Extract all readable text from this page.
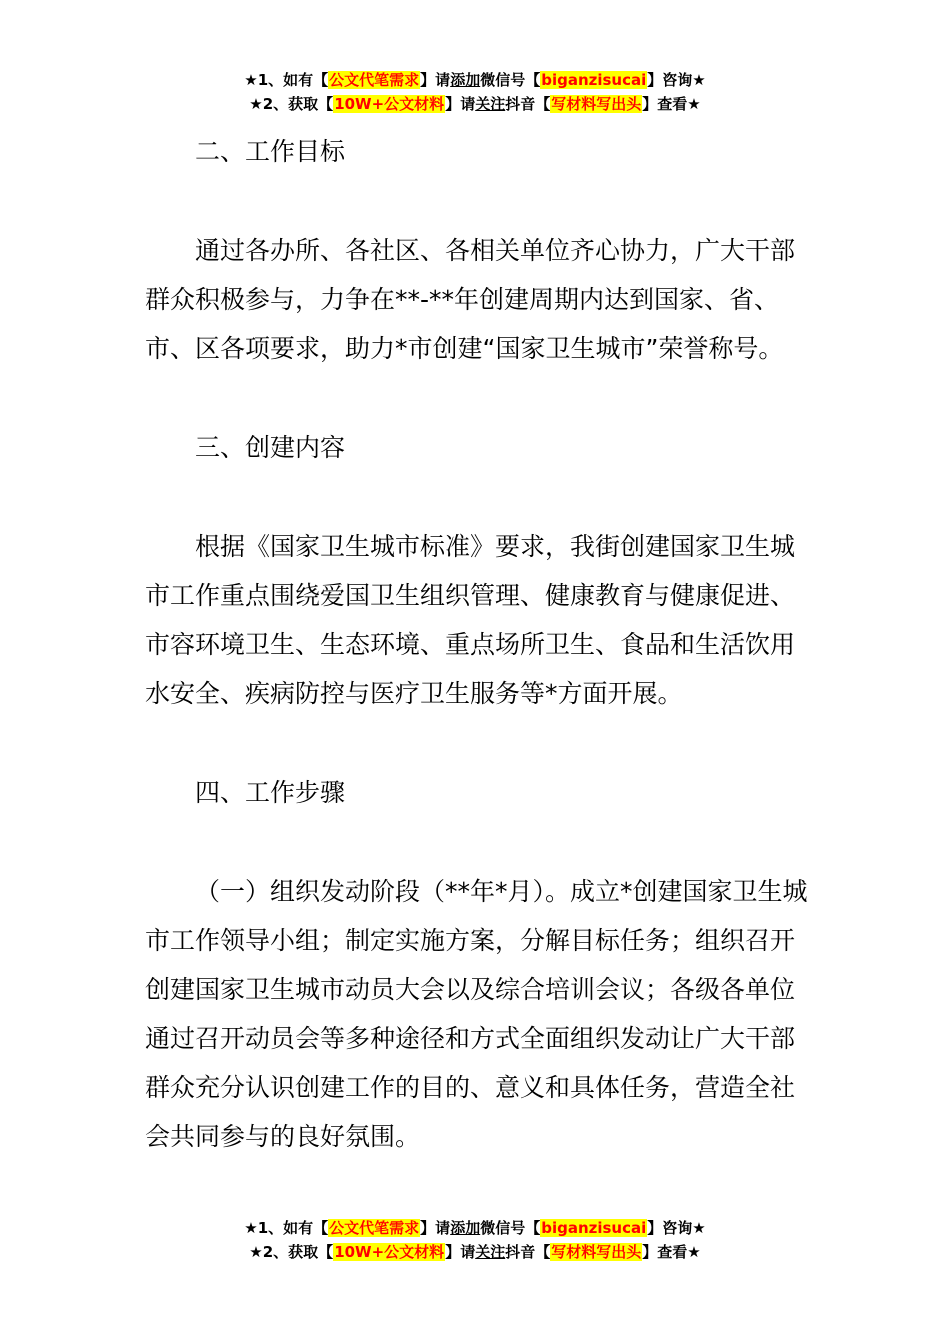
★1、如有【公文代笔需求】请添加微信号【biganzisucai】咨询★
★2、获取【10W+公文材料】请关注抖音【写材料写出头】查看★

二、工作目标

通过各办所、各社区、各相关单位齐心协力，广大干部群众积极参与，力争在**-**年创建周期内达到国家、省、市、区各项要求，助力*市创建“国家卫生城市”荣誉称号。

三、创建内容

根据《国家卫生城市标准》要求，我街创建国家卫生城市工作重点围绕爱国卫生组织管理、健康教育与健康促进、市容环境卫生、生态环境、重点场所卫生、食品和生活饮用水安全、疾病防控与医疗卫生服务等*方面开展。

四、工作步骤

（一）组织发动阶段（**年*月）。成立*创建国家卫生城市工作领导小组；制定实施方案，分解目标任务；组织召开创建国家卫生城市动员大会以及综合培训会议；各级各单位通过召开动员会等多种途径和方式全面组织发动让广大干部群众充分认识创建工作的目的、意义和具体任务，营造全社会共同参与的良好氛围。

★1、如有【公文代笔需求】请添加微信号【biganzisucai】咨询★
★2、获取【10W+公文材料】请关注抖音【写材料写出头】查看★
